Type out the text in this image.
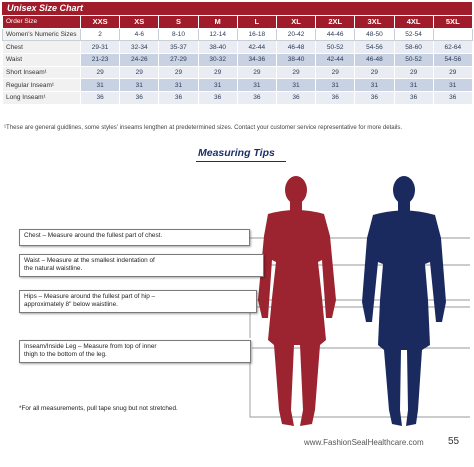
Unisex Size Chart
Order Size	XXS	XS	S	M	L	XL	2XL	3XL	4XL	5XL
Women's Numeric Sizes	2	4-6	8-10	12-14	16-18	20-42	44-46	48-50	52-54	
Chest	29-31	32-34	35-37	38-40	42-44	46-48	50-52	54-56	58-60	62-64
Waist	21-23	24-26	27-29	30-32	34-36	38-40	42-44	46-48	50-52	54-56
Short Inseam¹	29	29	29	29	29	29	29	29	29	29
Regular Inseam¹	31	31	31	31	31	31	31	31	31	31
Long Inseam¹	36	36	36	36	36	36	36	36	36	36
¹These are general guidlines, some styles' inseams lengthen at predetermined sizes. Contact your customer service representative for more details.
Measuring Tips
Chest – Measure around the fullest part of chest.
Waist – Measure at the smallest indentation of
the natural waistline.
Hips – Measure around the fullest part of hip –
approximately 8" below waistline.
Inseam/Inside Leg – Measure from top of inner
thigh to the bottom of the leg.
*For all measurements, pull tape snug but not stretched.
www.FashionSealHealthcare.com 55
